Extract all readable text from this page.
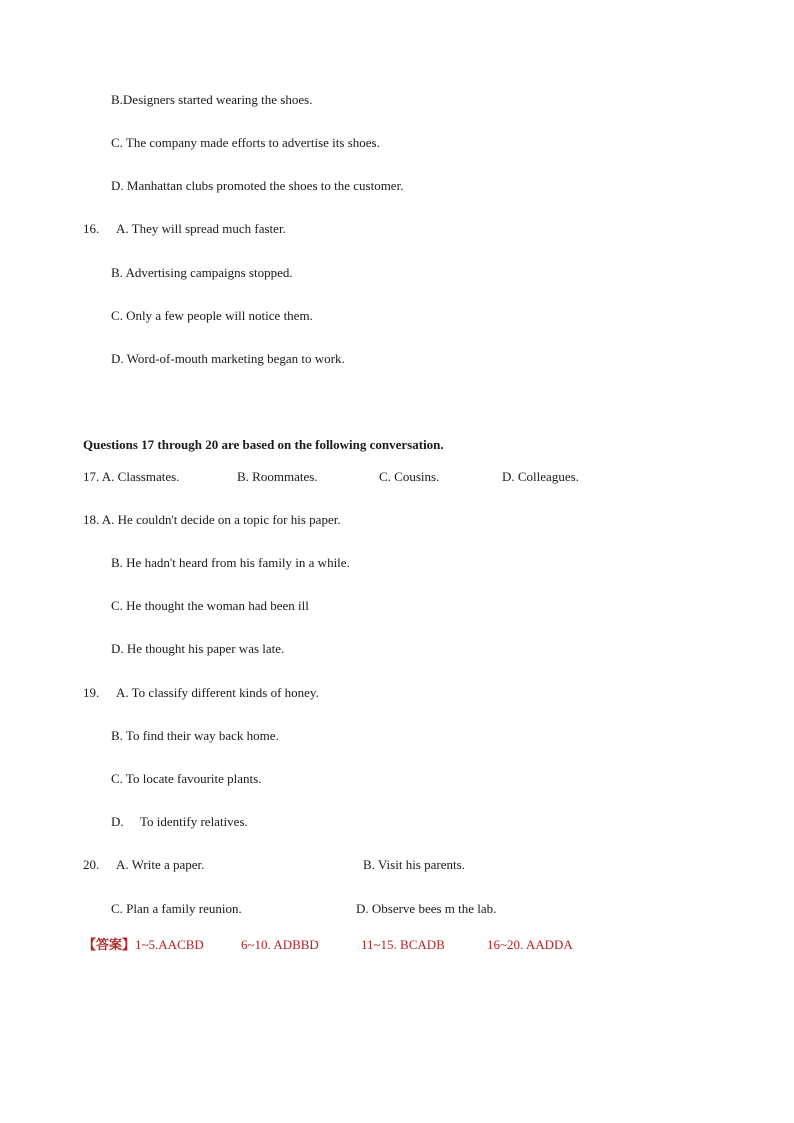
B.Designers started wearing the shoes.
C. The company made efforts to advertise its shoes.
D. Manhattan clubs promoted the shoes to the customer.
16. A. They will spread much faster.
B. Advertising campaigns stopped.
C. Only a few people will notice them.
D. Word-of-mouth marketing began to work.
Questions 17 through 20 are based on the following conversation.
17. A. Classmates.	B. Roommates.	C. Cousins.	D. Colleagues.
18. A. He couldn't decide on a topic for his paper.
B. He hadn't heard from his family in a while.
C. He thought the woman had been ill
D. He thought his paper was late.
19. A. To classify different kinds of honey.
B. To find their way back home.
C. To locate favourite plants.
D. To identify relatives.
20. A. Write a paper.	B. Visit his parents.
C. Plan a family reunion.	D. Observe bees m the lab.
【答案】1~5.AACBD	6~10. ADBBD	11~15. BCADB	16~20. AADDA
